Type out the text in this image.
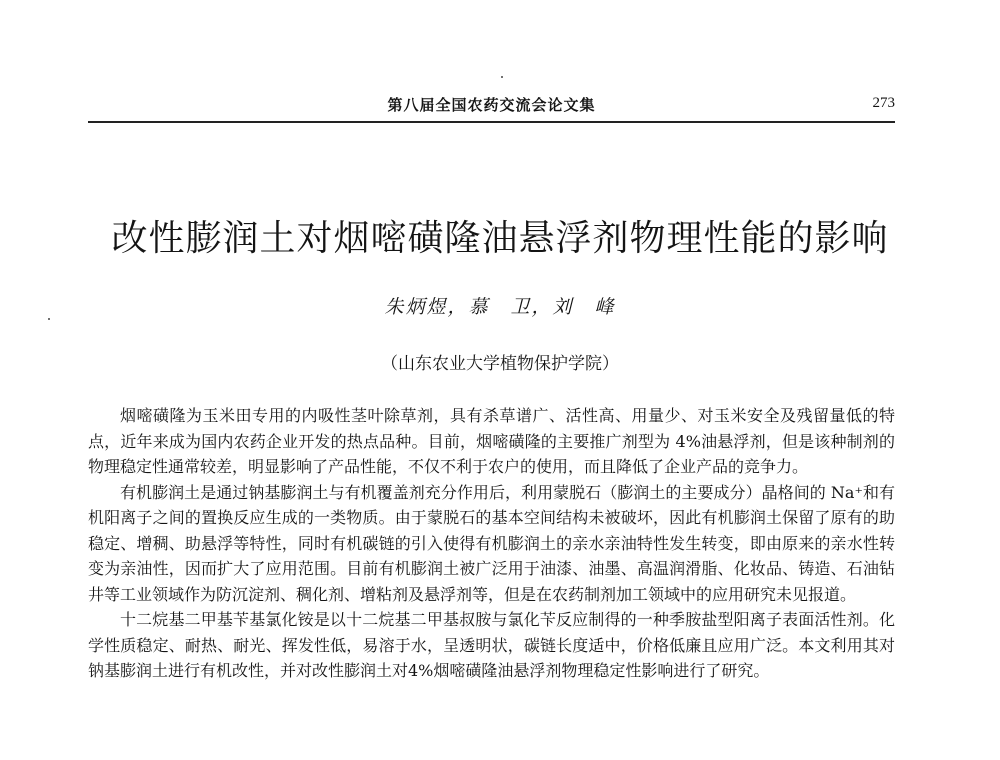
第八届全国农药交流会论文集	273
改性膨润土对烟嘧磺隆油悬浮剂物理性能的影响
朱炳煜，慕　卫，刘　峰
（山东农业大学植物保护学院）

烟嘧磺隆为玉米田专用的内吸性茎叶除草剂，具有杀草谱广、活性高、用量少、对玉米安全及残留量低的特点，近年来成为国内农药企业开发的热点品种。目前，烟嘧磺隆的主要推广剂型为 4%油悬浮剂，但是该种制剂的物理稳定性通常较差，明显影响了产品性能，不仅不利于农户的使用，而且降低了企业产品的竞争力。

有机膨润土是通过钠基膨润土与有机覆盖剂充分作用后，利用蒙脱石（膨润土的主要成分）晶格间的 Na⁺和有机阳离子之间的置换反应生成的一类物质。由于蒙脱石的基本空间结构未被破坏，因此有机膨润土保留了原有的助稳定、增稠、助悬浮等特性，同时有机碳链的引入使得有机膨润土的亲水亲油特性发生转变，即由原来的亲水性转变为亲油性，因而扩大了应用范围。目前有机膨润土被广泛用于油漆、油墨、高温润滑脂、化妆品、铸造、石油钻井等工业领域作为防沉淀剂、稠化剂、增粘剂及悬浮剂等，但是在农药制剂加工领域中的应用研究未见报道。

十二烷基二甲基苄基氯化铵是以十二烷基二甲基叔胺与氯化苄反应制得的一种季胺盐型阳离子表面活性剂。化学性质稳定、耐热、耐光、挥发性低，易溶于水，呈透明状，碳链长度适中，价格低廉且应用广泛。本文利用其对钠基膨润土进行有机改性，并对改性膨润土对4%烟嘧磺隆油悬浮剂物理稳定性影响进行了研究。
